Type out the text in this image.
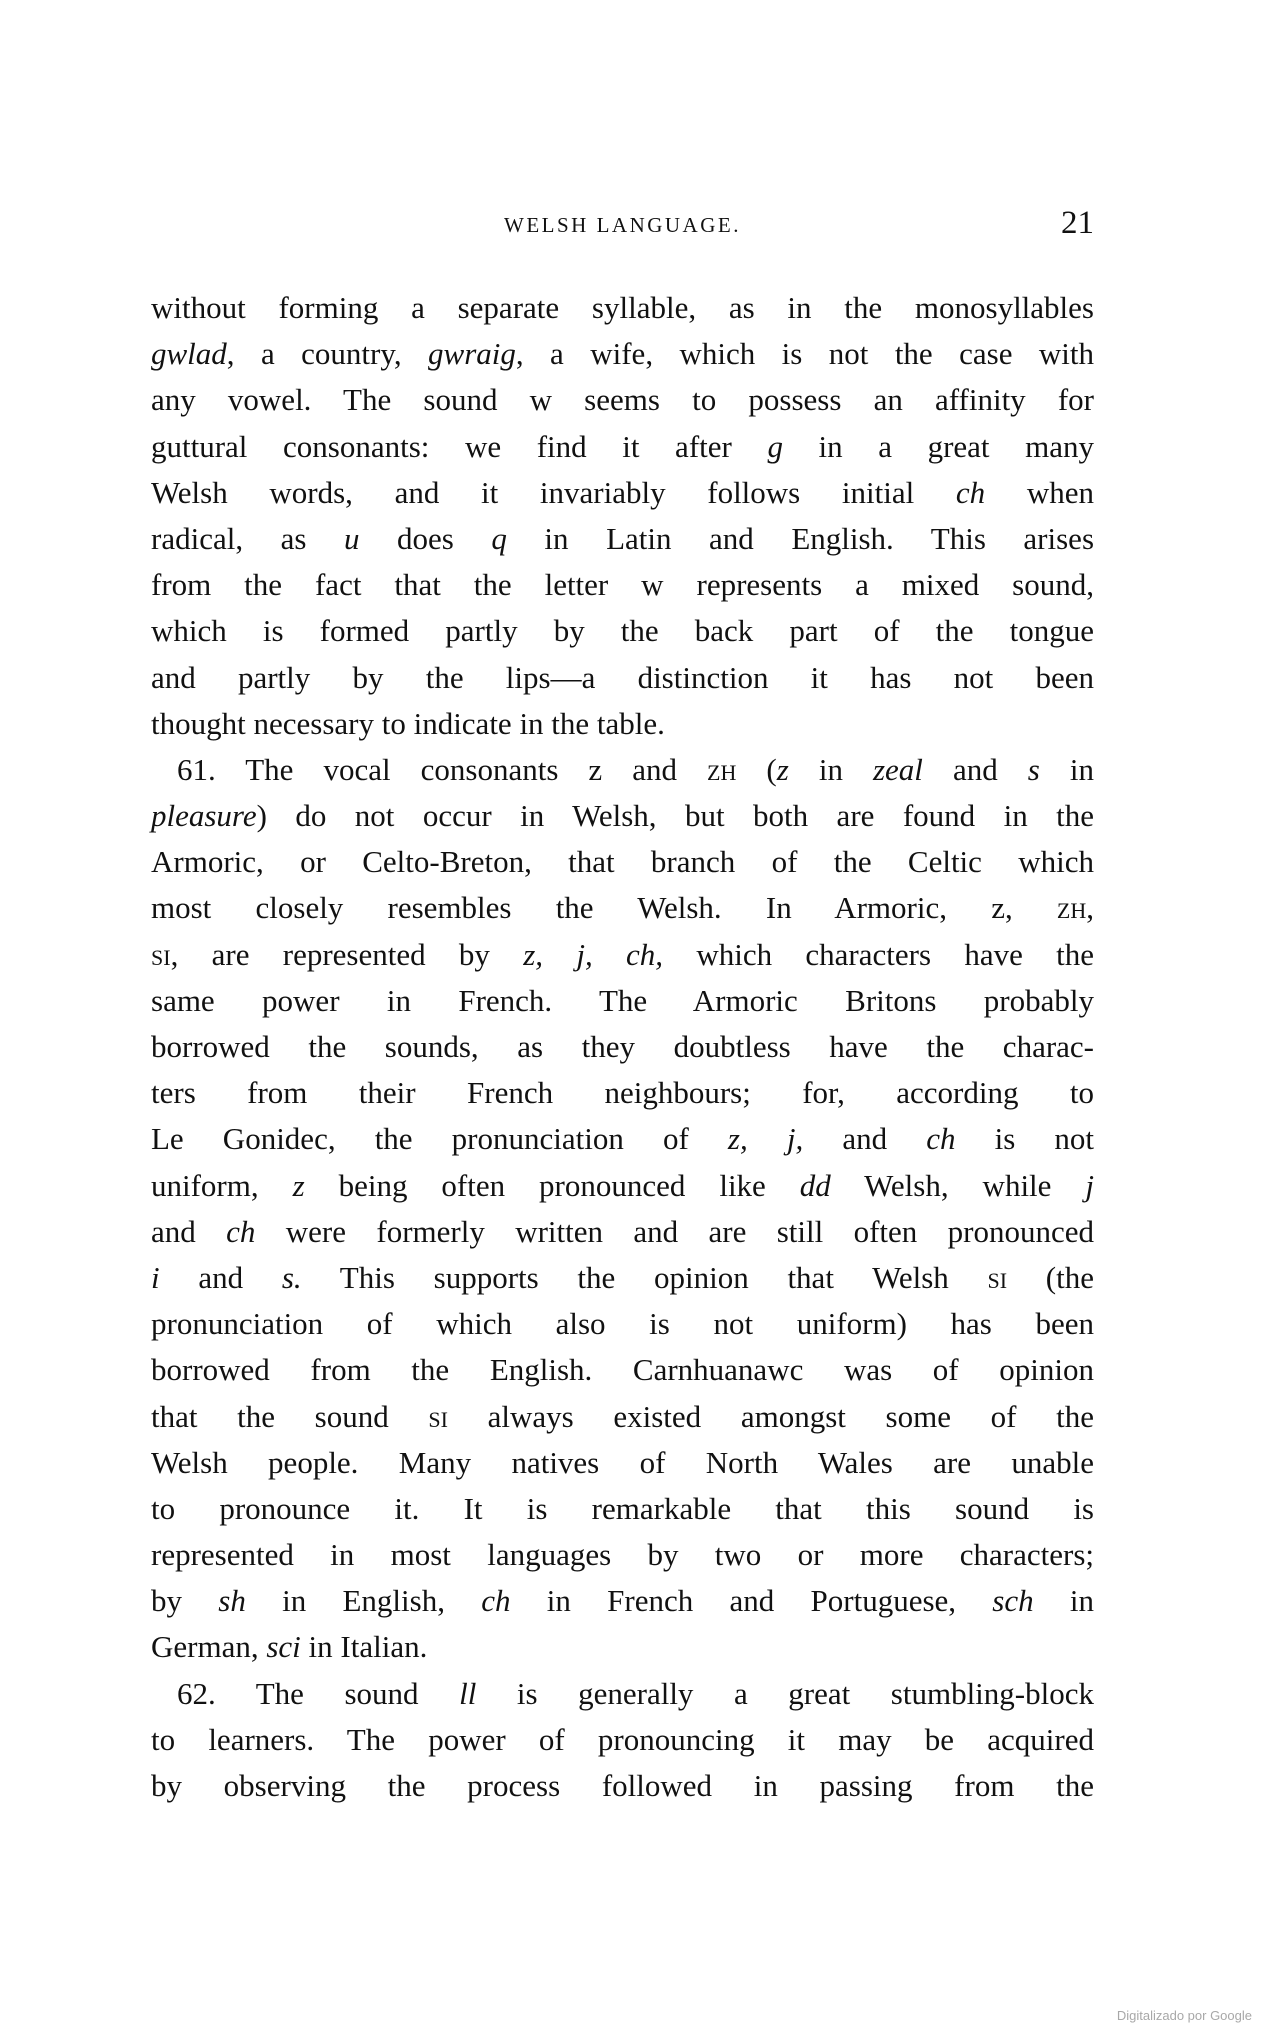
WELSH LANGUAGE.	21
without forming a separate syllable, as in the monosyllables
gwlad, a country, gwraig, a wife, which is not the case with
any vowel. The sound w seems to possess an affinity for
guttural consonants: we find it after g in a great many
Welsh words, and it invariably follows initial ch when
radical, as u does q in Latin and English. This arises
from the fact that the letter w represents a mixed sound,
which is formed partly by the back part of the tongue
and partly by the lips—a distinction it has not been
thought necessary to indicate in the table.
61. The vocal consonants z and zh (z in zeal and s in
pleasure) do not occur in Welsh, but both are found in the
Armoric, or Celto-Breton, that branch of the Celtic which
most closely resembles the Welsh. In Armoric, z, zh,
si, are represented by z, j, ch, which characters have the
same power in French. The Armoric Britons probably
borrowed the sounds, as they doubtless have the charac-
ters from their French neighbours; for, according to
Le Gonidec, the pronunciation of z, j, and ch is not
uniform, z being often pronounced like dd Welsh, while j
and ch were formerly written and are still often pronounced
i and s. This supports the opinion that Welsh si (the
pronunciation of which also is not uniform) has been
borrowed from the English. Carnhuanawc was of opinion
that the sound si always existed amongst some of the
Welsh people. Many natives of North Wales are unable
to pronounce it. It is remarkable that this sound is
represented in most languages by two or more characters;
by sh in English, ch in French and Portuguese, sch in
German, sci in Italian.
62. The sound ll is generally a great stumbling-block
to learners. The power of pronouncing it may be acquired
by observing the process followed in passing from the
Digitalizado por Google
